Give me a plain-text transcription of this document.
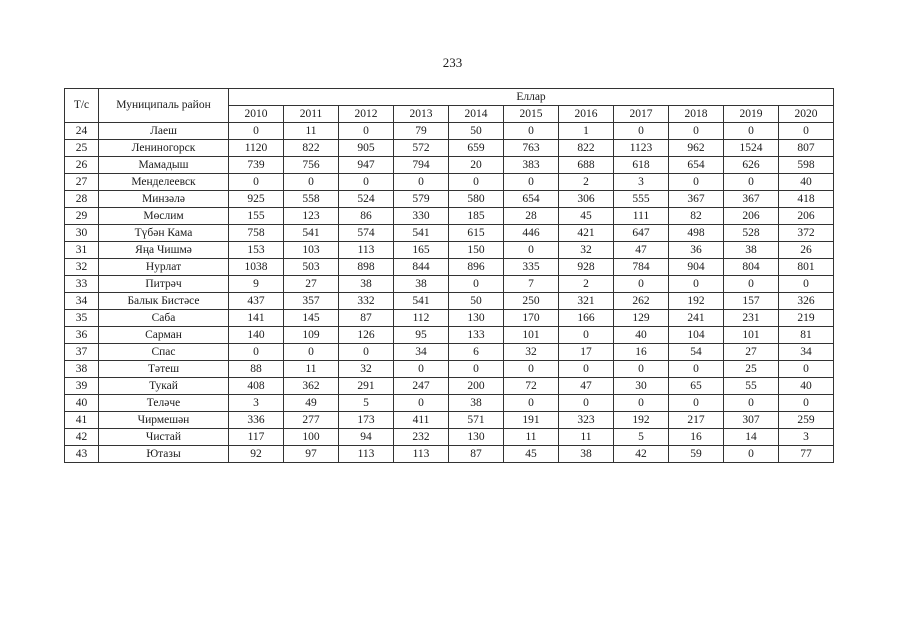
233
Т/с	Муниципаль район	Еллар										
		2010	2011	2012	2013	2014	2015	2016	2017	2018	2019	2020
24	Лаеш	0	11	0	79	50	0	1	0	0	0	0
25	Лениногорск	1120	822	905	572	659	763	822	1123	962	1524	807
26	Мамадыш	739	756	947	794	20	383	688	618	654	626	598
27	Менделеевск	0	0	0	0	0	0	2	3	0	0	40
28	Минзәлә	925	558	524	579	580	654	306	555	367	367	418
29	Мөслим	155	123	86	330	185	28	45	111	82	206	206
30	Түбән Кама	758	541	574	541	615	446	421	647	498	528	372
31	Яңа Чишмә	153	103	113	165	150	0	32	47	36	38	26
32	Нурлат	1038	503	898	844	896	335	928	784	904	804	801
33	Питрәч	9	27	38	38	0	7	2	0	0	0	0
34	Балык Бистәсе	437	357	332	541	50	250	321	262	192	157	326
35	Саба	141	145	87	112	130	170	166	129	241	231	219
36	Сарман	140	109	126	95	133	101	0	40	104	101	81
37	Спас	0	0	0	34	6	32	17	16	54	27	34
38	Тәтеш	88	11	32	0	0	0	0	0	0	25	0
39	Тукай	408	362	291	247	200	72	47	30	65	55	40
40	Теләче	3	49	5	0	38	0	0	0	0	0	0
41	Чирмешән	336	277	173	411	571	191	323	192	217	307	259
42	Чистай	117	100	94	232	130	11	11	5	16	14	3
43	Ютазы	92	97	113	113	87	45	38	42	59	0	77
